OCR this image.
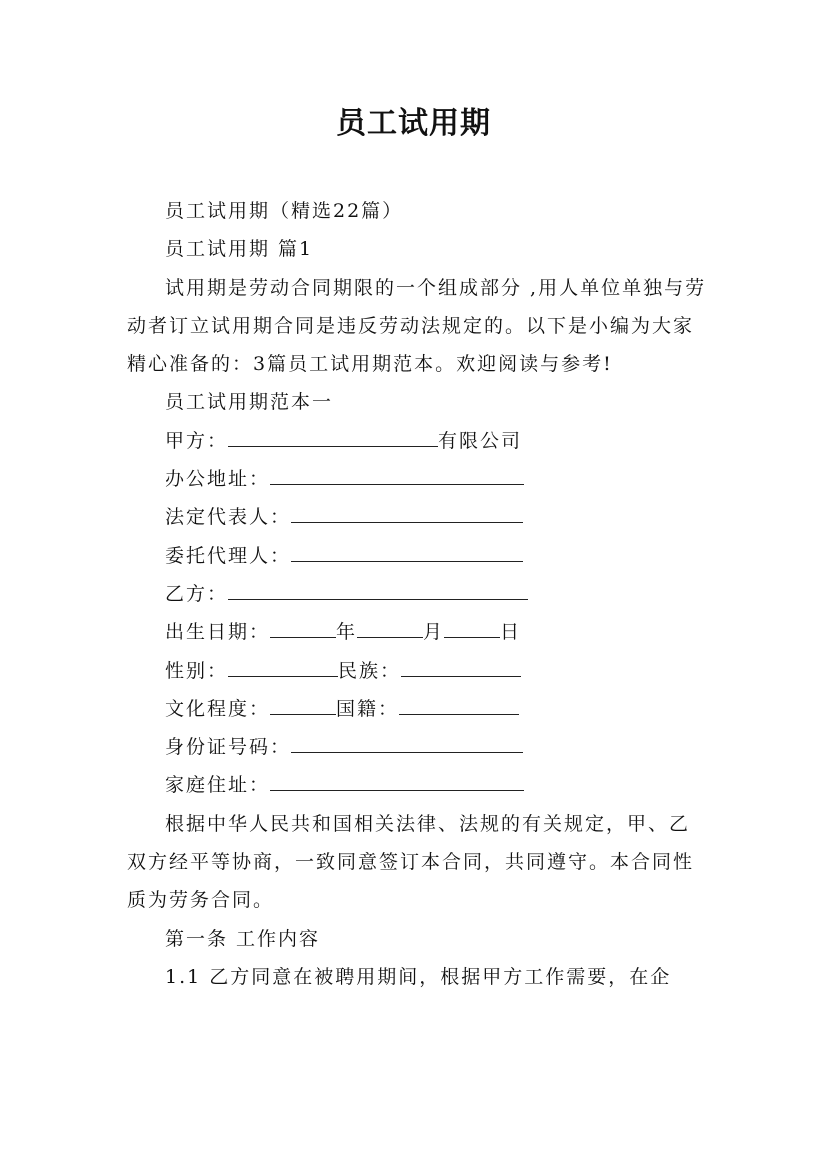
员工试用期

员工试用期（精选22篇）

员工试用期 篇1

试用期是劳动合同期限的一个组成部分 ,用人单位单独与劳动者订立试用期合同是违反劳动法规定的。以下是小编为大家精心准备的：3篇员工试用期范本。欢迎阅读与参考!

员工试用期范本一

甲方：	有限公司

办公地址：

法定代表人：

委托代理人：

乙方：

出生日期：	年	月	日

性别：	民族：

文化程度：	国籍：

身份证号码：

家庭住址：

根据中华人民共和国相关法律、法规的有关规定，甲、乙双方经平等协商，一致同意签订本合同，共同遵守。本合同性质为劳务合同。

第一条 工作内容

1.1 乙方同意在被聘用期间，根据甲方工作需要，在企
